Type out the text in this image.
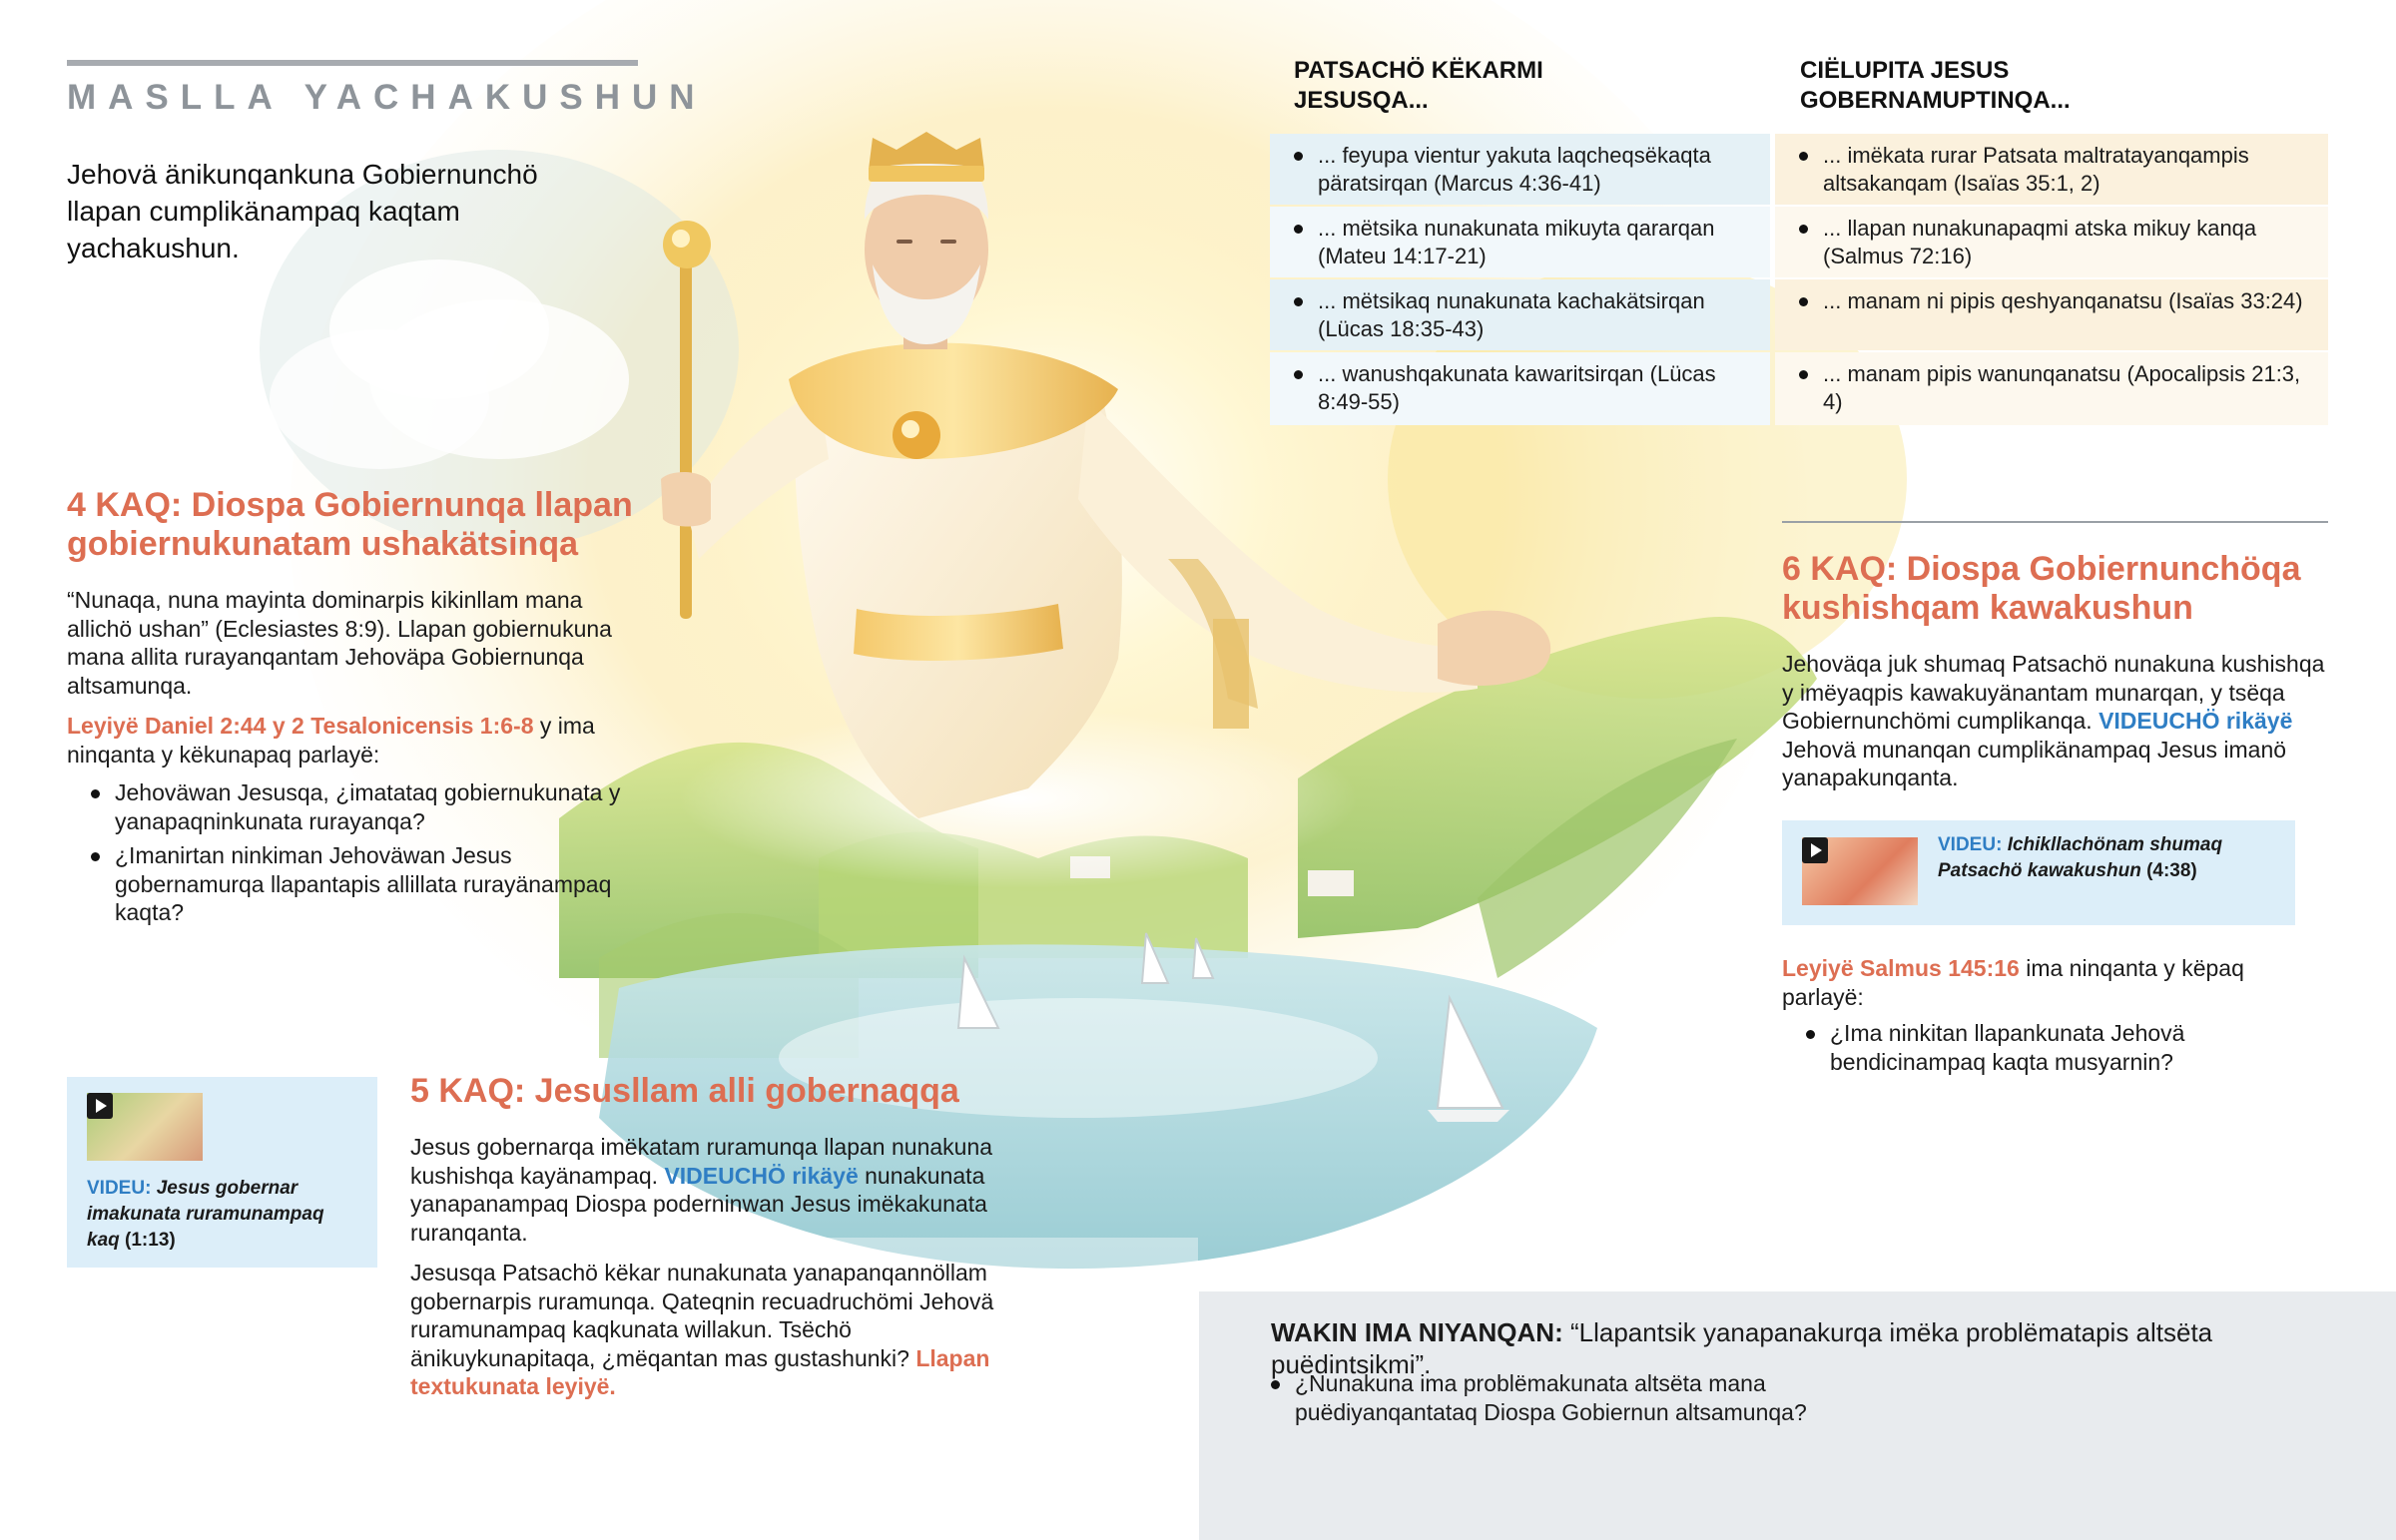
MASLLA YACHAKUSHUN
Jehovä änikunqankuna Gobiernunchö llapan cumplikänampaq kaqtam yachakushun.
4 KAQ: Diospa Gobiernunqa llapan gobiernukunatam ushakätsinqa

“Nunaqa, nuna mayinta dominarpis kikinllam mana allichö ushan” (Eclesiastes 8:9). Llapan gobiernukuna mana allita rurayanqantam Jehoväpa Gobiernunqa altsamunqa.

Leyiyë Daniel 2:44 y 2 Tesalonicensis 1:6-8 y ima ninqanta y këkunapaq parlayë:

Jehoväwan Jesusqa, ¿imatataq gobiernukunata y yanapaqninkunata rurayanqa?
¿Imanirtan ninkiman Jehoväwan Jesus gobernamurqa llapantapis allillata rurayänampaq kaqta?
VIDEU: Jesus gobernar imakunata ruramunampaq kaq (1:13)
5 KAQ: Jesusllam alli gobernaqqa

Jesus gobernarqa imëkatam ruramunqa llapan nunakuna kushishqa kayänampaq. VIDEUCHÖ rikäyë nunakunata yanapanampaq Diospa poderninwan Jesus imëkakunata ruranqanta.

Jesusqa Patsachö këkar nunakunata yanapanqannöllam gobernarpis ruramunqa. Qateqnin recuadruchömi Jehovä ruramunampaq kaqkunata willakun. Tsëchö änikuykunapitaqa, ¿mëqantan mas gustashunki? Llapan textukunata leyiyë.

PATSACHÖ KËKARMI JESUSQA...
CIËLUPITA JESUS GOBERNAMUPTINQA...
... feyupa vientur yakuta laqcheqsëkaqta päratsirqan (Marcus 4:36-41)
... mëtsika nunakunata mikuyta qararqan (Mateu 14:17-21)
... mëtsikaq nunakunata kachakätsirqan (Lücas 18:35-43)
... wanushqakunata kawaritsirqan (Lücas 8:49-55)
... imëkata rurar Patsata maltratayanqampis altsakanqam (Isaïas 35:1, 2)
... llapan nunakunapaqmi atska mikuy kanqa (Salmus 72:16)
... manam ni pipis qeshyanqanatsu (Isaïas 33:24)
... manam pipis wanunqanatsu (Apocalipsis 21:3, 4)
6 KAQ: Diospa Gobiernunchöqa kushishqam kawakushun

Jehoväqa juk shumaq Patsachö nunakuna kushishqa y imëyaqpis kawakuyänantam munarqan, y tsëqa Gobiernunchömi cumplikanqa. VIDEUCHÖ rikäyë Jehovä munanqan cumplikänampaq Jesus imanö yanapakunqanta.

VIDEU: Ichikllachönam shumaq Patsachö kawakushun (4:38)
Leyiyë Salmus 145:16 ima ninqanta y këpaq parlayë:
¿Ima ninkitan llapankunata Jehovä bendicinampaq kaqta musyarnin?
WAKIN IMA NIYANQAN: “Llapantsik yanapanakurqa imëka problëmatapis altsëta puëdintsikmi”.
¿Nunakuna ima problëmakunata altsëta mana puëdiyanqantataq Diospa Gobiernun altsamunqa?
